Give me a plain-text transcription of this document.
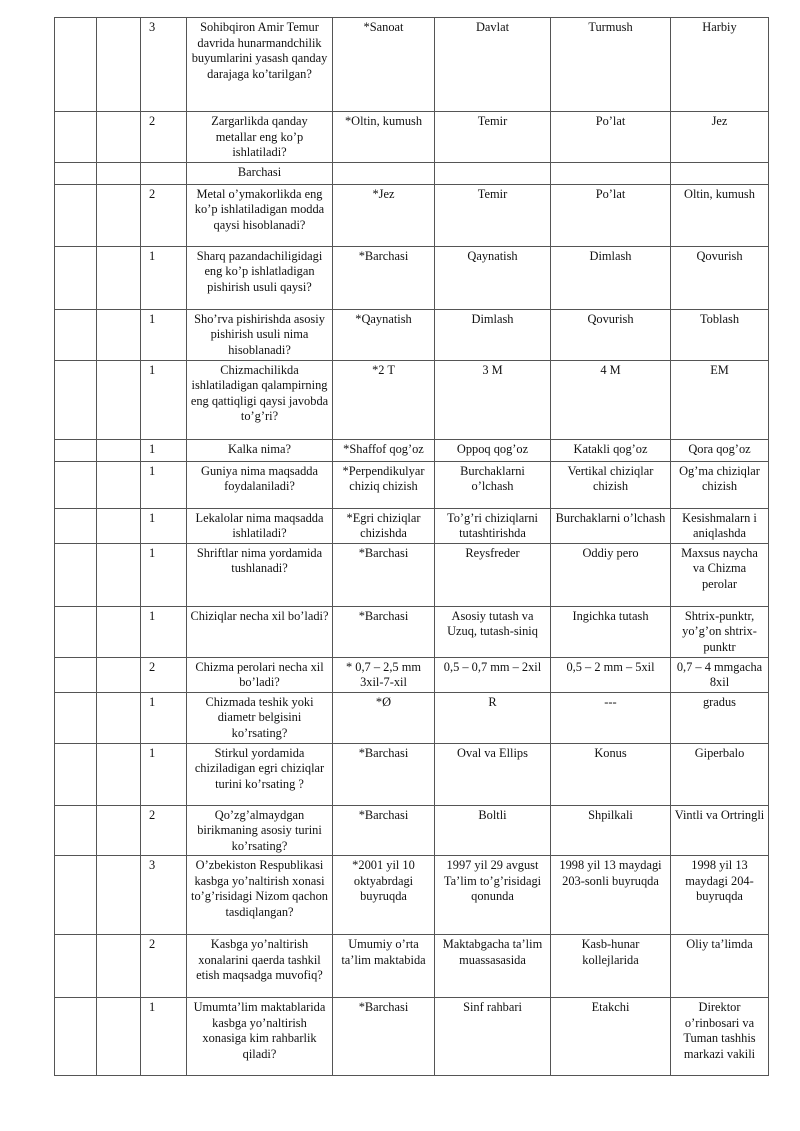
		3	Sohibqiron Amir Temur davrida hunarmandchilik buyumlarini yasash qanday darajaga ko’tarilgan?	*Sanoat	Davlat	Turmush	Harbiy
		2	Zargarlikda qanday metallar eng ko’p ishlatiladi?	*Oltin, kumush	Temir	Po’lat	Jez
			Barchasi				
		2	Metal o’ymakorlikda eng ko’p ishlatiladigan modda qaysi hisoblanadi?	*Jez	Temir	Po’lat	Oltin, kumush
		1	Sharq pazandachiligidagi eng ko’p ishlatladigan pishirish usuli qaysi?	*Barchasi	Qaynatish	Dimlash	Qovurish
		1	Sho’rva pishirishda asosiy pishirish usuli nima hisoblanadi?	*Qaynatish	Dimlash	Qovurish	Toblash
		1	Chizmachilikda ishlatiladigan qalampirning eng qattiqligi qaysi javobda to’g’ri?	*2 T	3 M	4 M	EM
		1	Kalka nima?	*Shaffof qog’oz	Oppoq qog’oz	Katakli qog’oz	Qora qog’oz
		1	Guniya nima maqsadda foydalaniladi?	*Perpendikulyar chiziq chizish	Burchaklarni o’lchash	Vertikal chiziqlar chizish	Og’ma chiziqlar chizish
		1	Lekalolar nima maqsadda ishlatiladi?	*Egri chiziqlar chizishda	To’g’ri chiziqlarni tutashtirishda	Burchaklarni o’lchash	Kesishmalarn i aniqlashda
		1	Shriftlar nima yordamida tushlanadi?	*Barchasi	Reysfreder	Oddiy pero	Maxsus naycha va Chizma perolar
		1	Chiziqlar necha xil bo’ladi?	*Barchasi	Asosiy tutash va Uzuq, tutash-siniq	Ingichka tutash	Shtrix-punktr, yo’g’on shtrix-punktr
		2	Chizma perolari necha xil bo’ladi?	* 0,7 – 2,5 mm 3xil-7-xil	0,5 – 0,7 mm – 2xil	0,5 – 2 mm – 5xil	0,7 – 4 mmgacha 8xil
		1	Chizmada teshik yoki diametr belgisini ko’rsating?	*Ø	R	---	gradus
		1	Stirkul yordamida chiziladigan egri chiziqlar turini ko’rsating ?	*Barchasi	Oval va Ellips	Konus	Giperbalo
		2	Qo’zg’almaydgan birikmaning asosiy turini ko’rsating?	*Barchasi	Boltli	Shpilkali	Vintli va Ortringli
		3	O’zbekiston Respublikasi kasbga yo’naltirish xonasi to’g’risidagi Nizom qachon tasdiqlangan?	*2001 yil 10 oktyabrdagi buyruqda	1997 yil 29 avgust Ta’lim to’g’risidagi qonunda	1998 yil 13 maydagi 203-sonli buyruqda	1998 yil 13 maydagi 204-buyruqda
		2	Kasbga yo’naltirish xonalarini qaerda tashkil etish maqsadga muvofiq?	Umumiy o’rta ta’lim maktabida	Maktabgacha ta’lim muassasasida	Kasb-hunar kollejlarida	Oliy ta’limda
		1	Umumta’lim maktablarida kasbga yo’naltirish xonasiga kim rahbarlik qiladi?	*Barchasi	Sinf rahbari	Etakchi	Direktor o’rinbosari va Tuman tashhis markazi vakili
